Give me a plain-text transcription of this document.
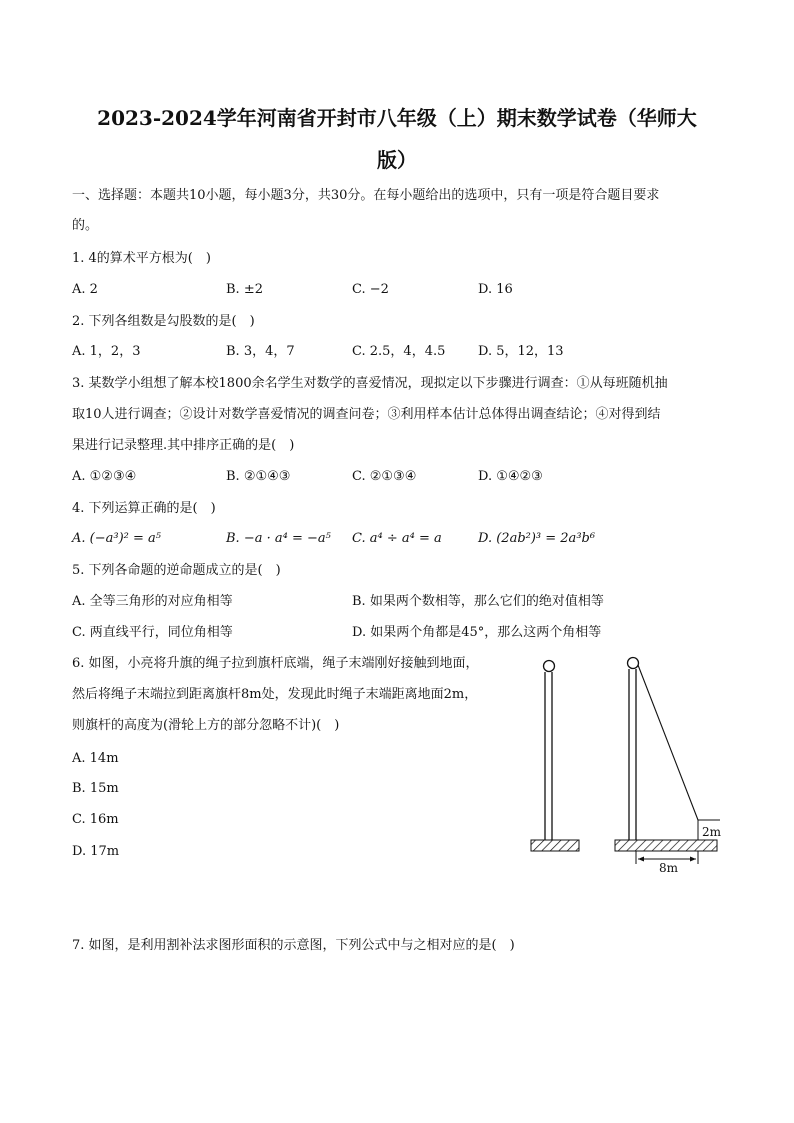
2023-2024学年河南省开封市八年级（上）期末数学试卷（华师大
版）
一、选择题：本题共10小题，每小题3分，共30分。在每小题给出的选项中，只有一项是符合题目要求
的。
1. 4的算术平方根为(　)
A. 2	B. ±2	C. −2	D. 16
2. 下列各组数是勾股数的是(　)
A. 1，2，3	B. 3，4，7	C. 2.5，4，4.5	D. 5，12，13
3. 某数学小组想了解本校1800余名学生对数学的喜爱情况，现拟定以下步骤进行调查：①从每班随机抽
取10人进行调查；②设计对数学喜爱情况的调查问卷；③利用样本估计总体得出调查结论；④对得到结
果进行记录整理.其中排序正确的是(　)
A. ①②③④	B. ②①④③	C. ②①③④	D. ①④②③
4. 下列运算正确的是(　)
A. (−a³)² = a⁵	B. −a · a⁴ = −a⁵ C. a⁴ ÷ a⁴ = a	D. (2ab²)³ = 2a³b⁶
5. 下列各命题的逆命题成立的是(　)
A. 全等三角形的对应角相等	B. 如果两个数相等，那么它们的绝对值相等
C. 两直线平行，同位角相等	D. 如果两个角都是45°，那么这两个角相等
6. 如图，小亮将升旗的绳子拉到旗杆底端，绳子末端刚好接触到地面，
然后将绳子末端拉到距离旗杆8m处，发现此时绳子末端距离地面2m，
则旗杆的高度为(滑轮上方的部分忽略不计)(　)
A. 14m
B. 15m
C. 16m
D. 17m
2m
8m
7. 如图，是利用割补法求图形面积的示意图，下列公式中与之相对应的是(　)
